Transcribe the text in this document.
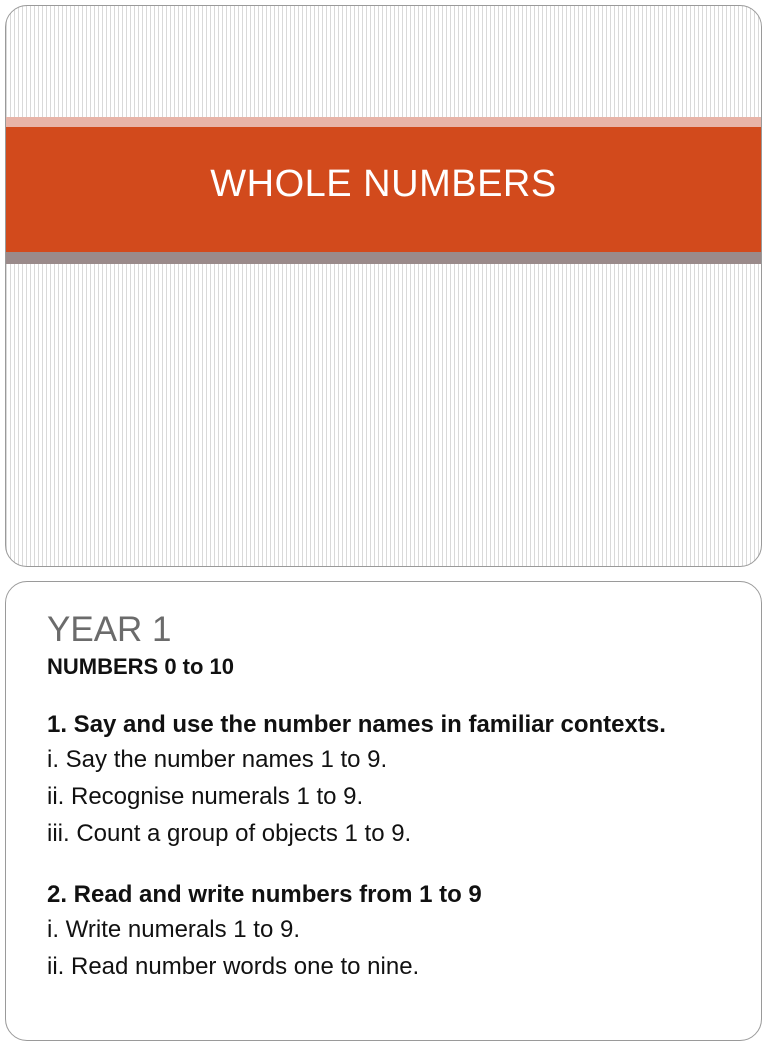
WHOLE NUMBERS

YEAR 1

NUMBERS 0 to 10

1. Say and use the number names in familiar contexts.

i. Say the number names 1 to 9.

ii. Recognise numerals 1 to 9.

iii. Count a group of objects 1 to 9.

2. Read and write numbers from 1 to 9

i. Write numerals 1 to 9.

ii. Read number words one to nine.
